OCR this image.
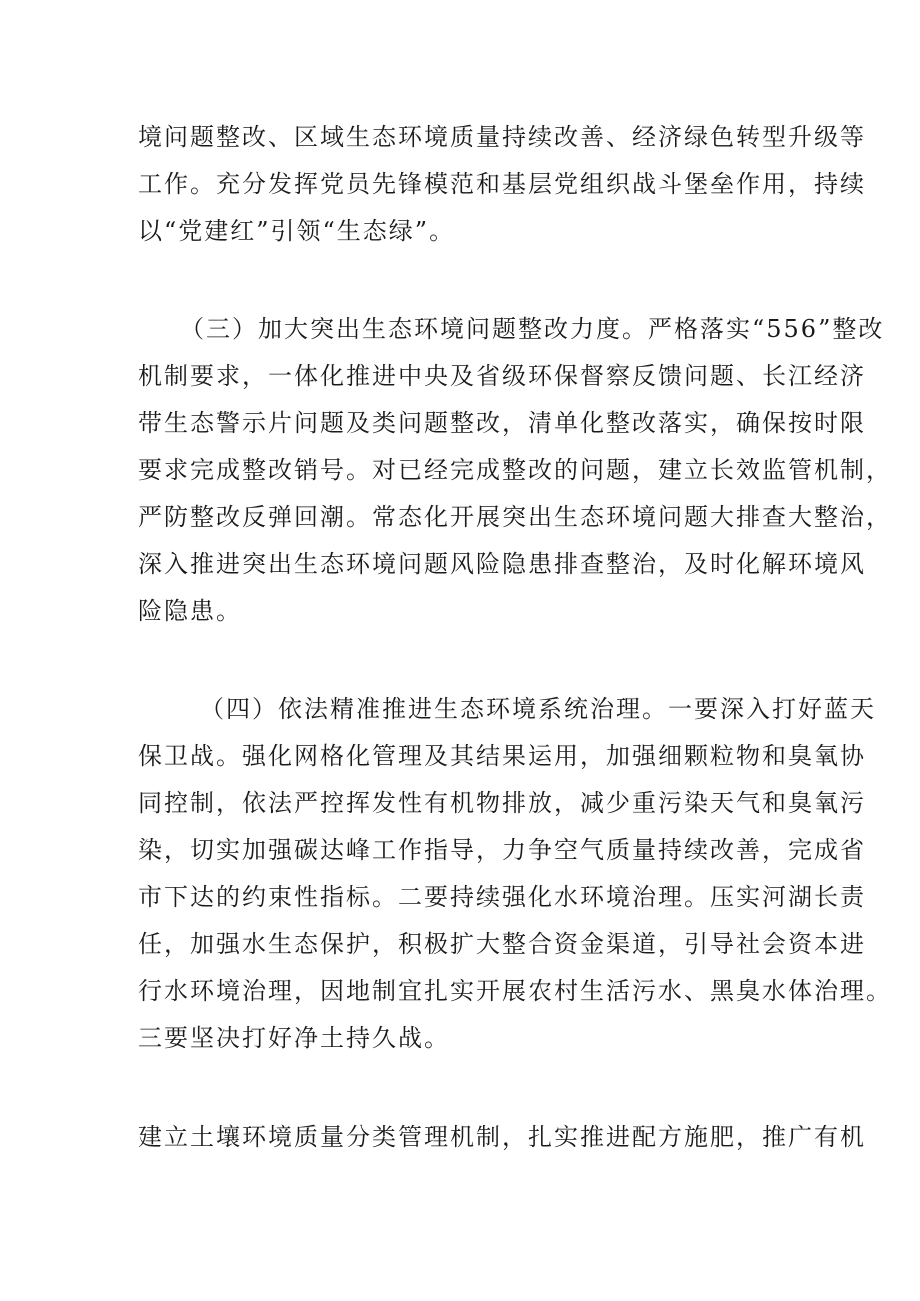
境问题整改、区域生态环境质量持续改善、经济绿色转型升级等
工作。充分发挥党员先锋模范和基层党组织战斗堡垒作用，持续
以“党建红”引领“生态绿”。
（三）加大突出生态环境问题整改力度。严格落实“556”整改
机制要求，一体化推进中央及省级环保督察反馈问题、长江经济
带生态警示片问题及类问题整改，清单化整改落实，确保按时限
要求完成整改销号。对已经完成整改的问题，建立长效监管机制，
严防整改反弹回潮。常态化开展突出生态环境问题大排查大整治，
深入推进突出生态环境问题风险隐患排查整治，及时化解环境风
险隐患。
（四）依法精准推进生态环境系统治理。一要深入打好蓝天
保卫战。强化网格化管理及其结果运用，加强细颗粒物和臭氧协
同控制，依法严控挥发性有机物排放，减少重污染天气和臭氧污
染，切实加强碳达峰工作指导，力争空气质量持续改善，完成省
市下达的约束性指标。二要持续强化水环境治理。压实河湖长责
任，加强水生态保护，积极扩大整合资金渠道，引导社会资本进
行水环境治理，因地制宜扎实开展农村生活污水、黑臭水体治理。
三要坚决打好净土持久战。
建立土壤环境质量分类管理机制，扎实推进配方施肥，推广有机
